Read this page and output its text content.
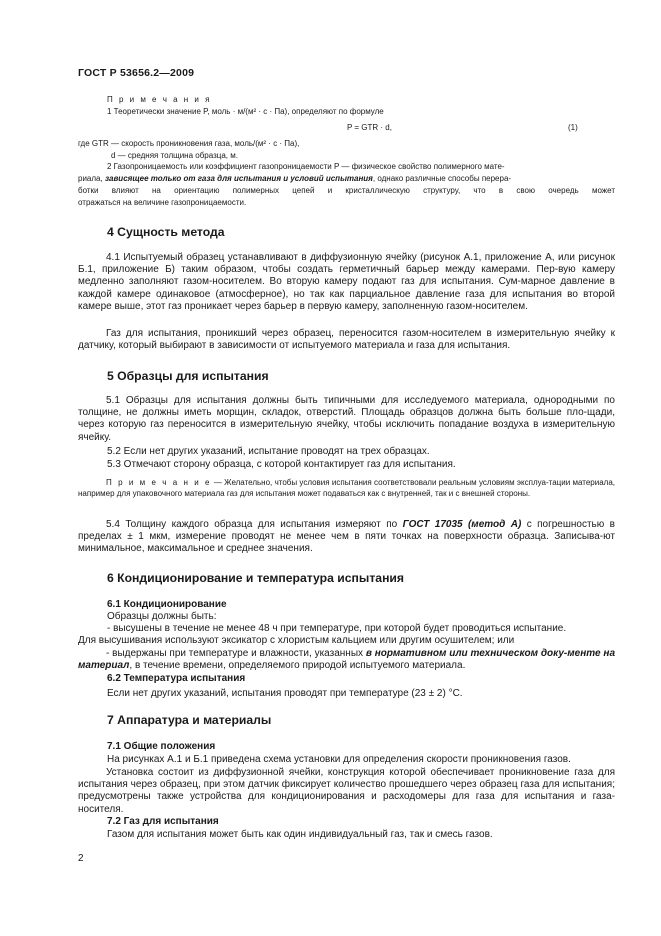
ГОСТ Р 53656.2—2009
П р и м е ч а н и я
1 Теоретически значение P, моль · м/(м² · с · Па), определяют по формуле
P = GTR · d,	(1)
где GTR — скорость проникновения газа, моль/(м² · с · Па),
d — средняя толщина образца, м.
2 Газопроницаемость или коэффициент газопроницаемости P — физическое свойство полимерного мате-
риала, зависящее только от газа для испытания и условий испытания, однако различные способы перера-
ботки влияют на ориентацию полимерных цепей и кристаллическую структуру, что в свою очередь может
отражаться на величине газопроницаемости.
4 Сущность метода
4.1 Испытуемый образец устанавливают в диффузионную ячейку (рисунок А.1, приложение А, или рисунок Б.1, приложение Б) таким образом, чтобы создать герметичный барьер между камерами. Пер-вую камеру медленно заполняют газом-носителем. Во вторую камеру подают газ для испытания. Сум-марное давление в каждой камере одинаковое (атмосферное), но так как парциальное давление газа для испытания во второй камере выше, этот газ проникает через барьер в первую камеру, заполненную газом-носителем.
Газ для испытания, проникший через образец, переносится газом-носителем в измерительную ячейку к датчику, который выбирают в зависимости от испытуемого материала и газа для испытания.
5 Образцы для испытания
5.1 Образцы для испытания должны быть типичными для исследуемого материала, однородными по толщине, не должны иметь морщин, складок, отверстий. Площадь образцов должна быть больше пло-щади, через которую газ переносится в измерительную ячейку, чтобы исключить попадание воздуха в измерительную ячейку.
5.2 Если нет других указаний, испытание проводят на трех образцах.
5.3 Отмечают сторону образца, с которой контактирует газ для испытания.
П р и м е ч а н и е — Желательно, чтобы условия испытания соответствовали реальным условиям эксплуа-тации материала, например для упаковочного материала газ для испытания может подаваться как с внутренней, так и с внешней стороны.
5.4 Толщину каждого образца для испытания измеряют по ГОСТ 17035 (метод А) с погрешностью в пределах ± 1 мкм, измерение проводят не менее чем в пяти точках на поверхности образца. Записыва-ют минимальное, максимальное и среднее значения.
6 Кондиционирование и температура испытания
6.1 Кондиционирование
Образцы должны быть:
- высушены в течение не менее 48 ч при температуре, при которой будет проводиться испытание.
Для высушивания используют эксикатор с хлористым кальцием или другим осушителем; или
- выдержаны при температуре и влажности, указанных в нормативном или техническом доку-менте на материал, в течение времени, определяемого природой испытуемого материала.
6.2 Температура испытания
Если нет других указаний, испытания проводят при температуре (23 ± 2) °С.
7 Аппаратура и материалы
7.1 Общие положения
На рисунках А.1 и Б.1 приведена схема установки для определения скорости проникновения газов.
Установка состоит из диффузионной ячейки, конструкция которой обеспечивает проникновение газа для испытания через образец, при этом датчик фиксирует количество прошедшего через образец газа для испытания; предусмотрены также устройства для кондиционирования и расходомеры для газа для испытания и газа-носителя.
7.2 Газ для испытания
Газом для испытания может быть как один индивидуальный газ, так и смесь газов.
2
